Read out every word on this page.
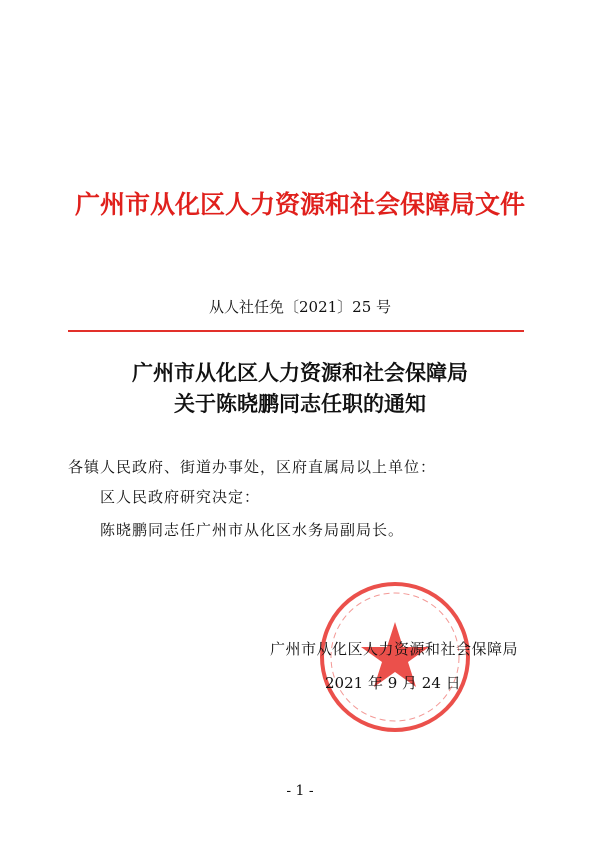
广州市从化区人力资源和社会保障局文件
从人社任免〔2021〕25 号
广州市从化区人力资源和社会保障局
关于陈晓鹏同志任职的通知
各镇人民政府、街道办事处，区府直属局以上单位：
区人民政府研究决定：
陈晓鹏同志任广州市从化区水务局副局长。
广州市从化区人力资源和社会保障局
2021 年 9 月 24 日
- 1 -
